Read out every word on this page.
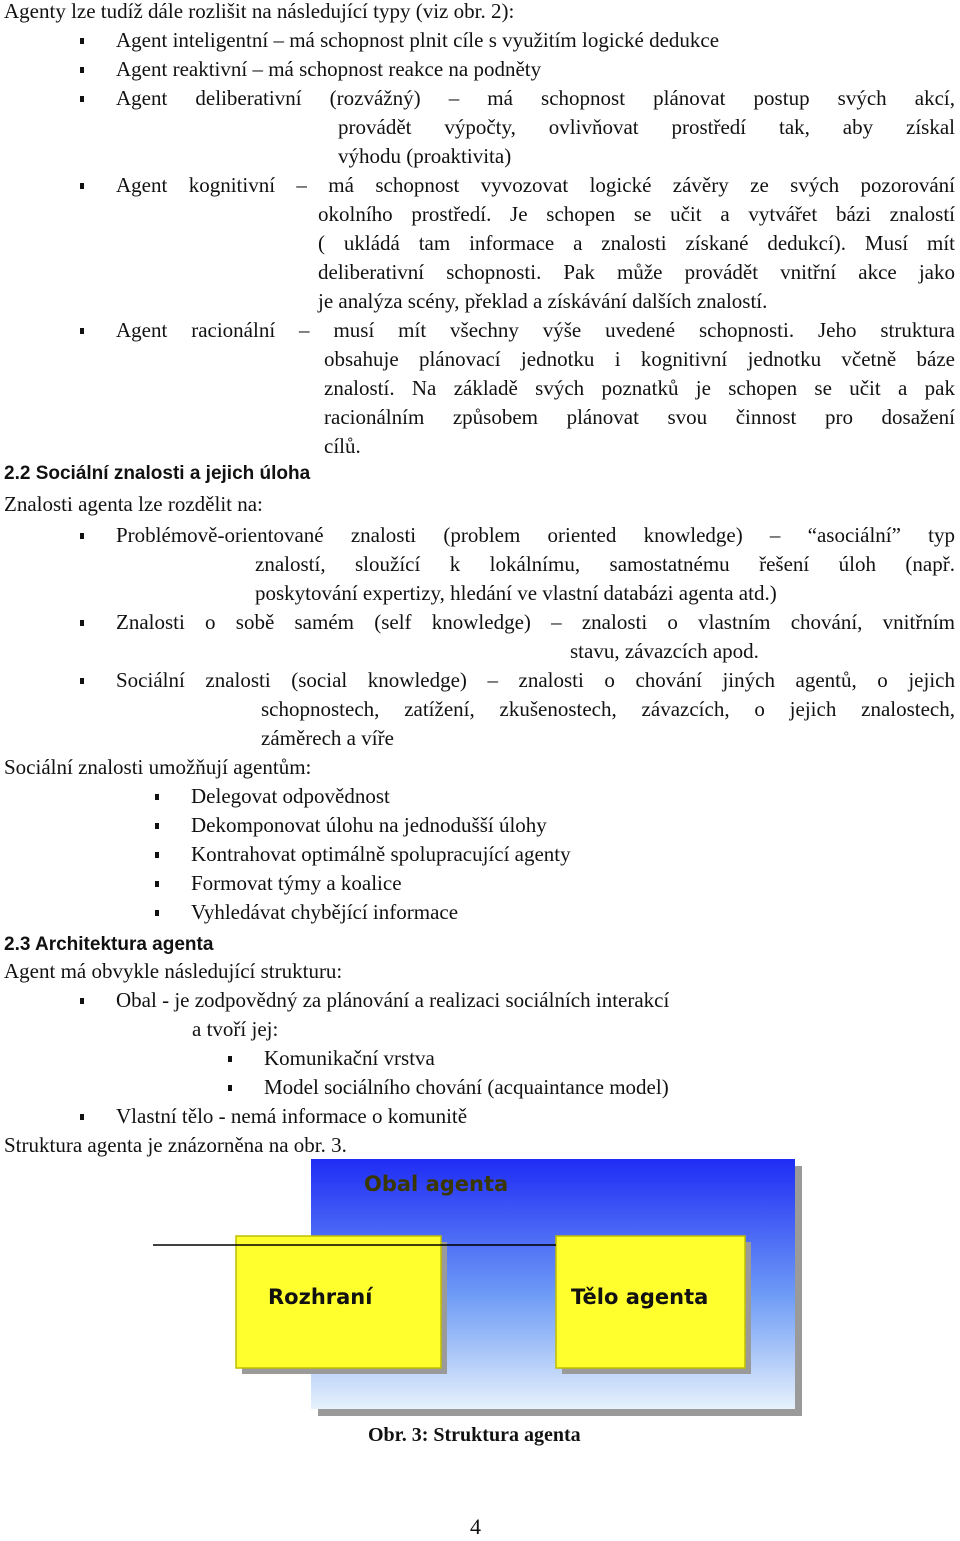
Agenty lze tudíž dále rozlišit na následující typy (viz obr. 2):
Agent inteligentní – má schopnost plnit cíle s využitím logické dedukce
Agent reaktivní – má schopnost reakce na podněty
Agent deliberativní (rozvážný) – má schopnost plánovat postup svých akcí,
provádět výpočty, ovlivňovat prostředí tak, aby získal
výhodu (proaktivita)
Agent kognitivní – má schopnost vyvozovat logické závěry ze svých pozorování
okolního prostředí. Je schopen se učit a vytvářet bázi znalostí
( ukládá tam informace a znalosti získané dedukcí). Musí mít
deliberativní schopnosti. Pak může provádět vnitřní akce jako
je analýza scény, překlad a získávání dalších znalostí.
Agent racionální – musí mít všechny výše uvedené schopnosti. Jeho struktura
obsahuje plánovací jednotku i kognitivní jednotku včetně báze
znalostí. Na základě svých poznatků je schopen se učit a pak
racionálním způsobem plánovat svou činnost pro dosažení
cílů.
2.2 Sociální znalosti a jejich úloha
Znalosti agenta lze rozdělit na:
Problémově-orientované znalosti (problem oriented knowledge) – “asociální” typ
znalostí, sloužící k lokálnímu, samostatnému řešení úloh (např.
poskytování expertizy, hledání ve vlastní databázi agenta atd.)
Znalosti o sobě samém (self knowledge) – znalosti o vlastním chování, vnitřním
stavu, závazcích apod.
Sociální znalosti (social knowledge) – znalosti o chování jiných agentů, o jejich
schopnostech, zatížení, zkušenostech, závazcích, o jejich znalostech,
záměrech a víře
Sociální znalosti umožňují agentům:
Delegovat odpovědnost
Dekomponovat úlohu na jednodušší úlohy
Kontrahovat optimálně spolupracující agenty
Formovat týmy a koalice
Vyhledávat chybějící informace
2.3 Architektura agenta
Agent má obvykle následující strukturu:
Obal - je zodpovědný za plánování a realizaci sociálních interakcí
a tvoří jej:
Komunikační vrstva
Model sociálního chování (acquaintance model)
Vlastní tělo - nemá informace o komunitě
Struktura agenta je znázorněna na obr. 3.
Obal agenta
Rozhraní	Tělo agenta
Obr. 3: Struktura agenta
4
